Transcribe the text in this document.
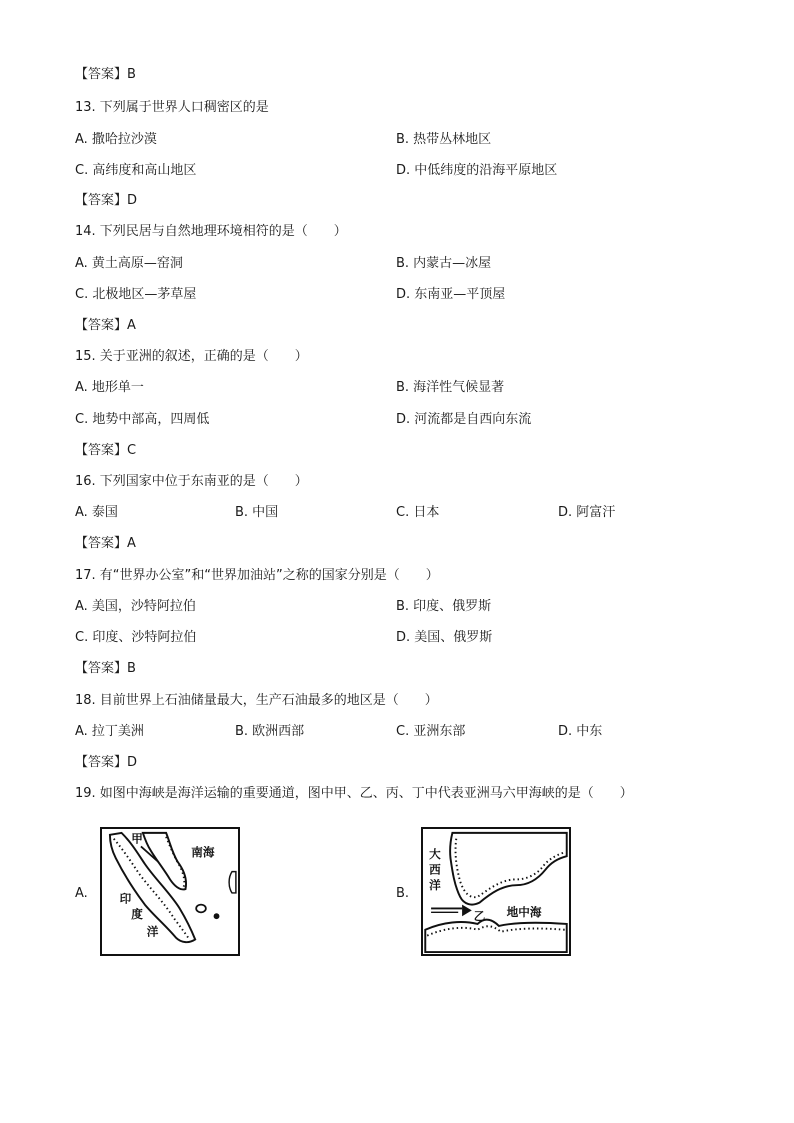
【答案】B
13. 下列属于世界人口稠密区的是
A. 撒哈拉沙漠	B. 热带丛林地区
C. 高纬度和高山地区	D. 中低纬度的沿海平原地区
【答案】D
14. 下列民居与自然地理环境相符的是（　　）
A. 黄土高原—窑洞	B. 内蒙古—冰屋
C. 北极地区—茅草屋	D. 东南亚—平顶屋
【答案】A
15. 关于亚洲的叙述，正确的是（　　）
A. 地形单一	B. 海洋性气候显著
C. 地势中部高，四周低	D. 河流都是自西向东流
【答案】C
16. 下列国家中位于东南亚的是（　　）
A. 泰国	B. 中国	C. 日本	D. 阿富汗
【答案】A
17. 有“世界办公室”和“世界加油站”之称的国家分别是（　　）
A. 美国，沙特阿拉伯	B. 印度、俄罗斯
C. 印度、沙特阿拉伯	D. 美国、俄罗斯
【答案】B
18. 目前世界上石油储量最大，生产石油最多的地区是（　　）
A. 拉丁美洲	B. 欧洲西部	C. 亚洲东部	D. 中东
【答案】D
19. 如图中海峡是海洋运输的重要通道，图中甲、乙、丙、丁中代表亚洲马六甲海峡的是（　　）
A.	B.
甲
南海
印
度
洋
大
西
洋
地中海
乙
